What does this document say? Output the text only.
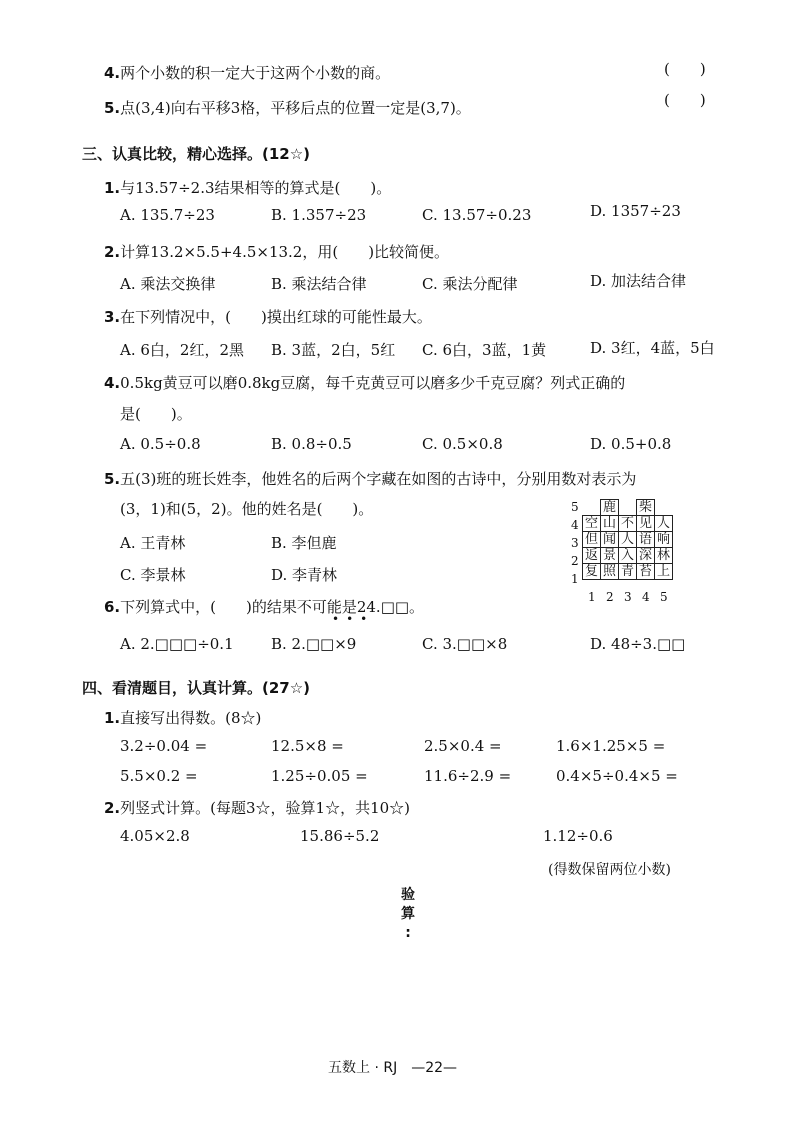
4.两个小数的积一定大于这两个小数的商。	(　　)
5.点(3,4)向右平移3格，平移后点的位置一定是(3,7)。	(　　)
三、认真比较，精心选择。(12☆)
1.与13.57÷2.3结果相等的算式是(　　)。
A. 135.7÷23	B. 1.357÷23	C. 13.57÷0.23	D. 1357÷23
2.计算13.2×5.5+4.5×13.2，用(　　)比较简便。
A. 乘法交换律	B. 乘法结合律	C. 乘法分配律	D. 加法结合律
3.在下列情况中，(　　)摸出红球的可能性最大。
A. 6白，2红，2黑 B. 3蓝，2白，5红 C. 6白，3蓝，1黄	D. 3红，4蓝，5白
4.0.5kg黄豆可以磨0.8kg豆腐，每千克黄豆可以磨多少千克豆腐？列式正确的
是(　　)。
A. 0.5÷0.8	B. 0.8÷0.5	C. 0.5×0.8	D. 0.5+0.8
5.五(3)班的班长姓李，他姓名的后两个字藏在如图的古诗中，分别用数对表示为
(3，1)和(5，2)。他的姓名是(　　)。
A. 王青林	B. 李但鹿
C. 李景林	D. 李青林
5
4
3
2
1
	鹿		柴	
空	山	不	见	人
但	闻	人	语	响
返	景	入	深	林
复	照	青	苔	上
1 2 3 4 5
6.下列算式中，(　　)的结果不可能是24.□□。
•••
A. 2.□□□÷0.1 B. 2.□□×9	C. 3.□□×8	D. 48÷3.□□
四、看清题目，认真计算。(27☆)
1.直接写出得数。(8☆)
3.2÷0.04 =	12.5×8 =	2.5×0.4 =	1.6×1.25×5 =
5.5×0.2 =	1.25÷0.05 =	11.6÷2.9 =	0.4×5÷0.4×5 =
2.列竖式计算。(每题3☆，验算1☆，共10☆)
4.05×2.8	15.86÷5.2	1.12÷0.6
(得数保留两位小数)
验
算
:
五数上 · RJ　—22—
